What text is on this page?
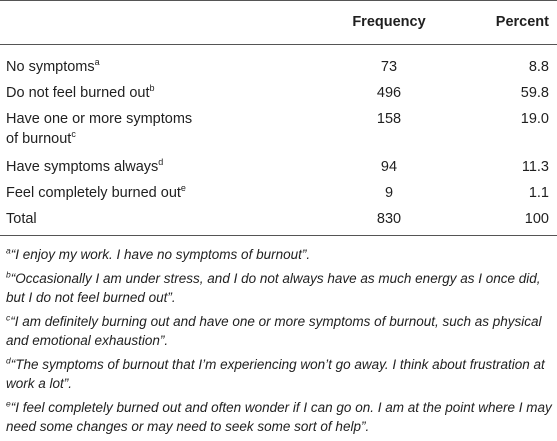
	Frequency	Percent
No symptoms$^a$	73	8.8
Do not feel burned out$^b$	496	59.8
Have one or more symptoms
of burnout$^c$	158	19.0
Have symptoms always$^d$	94	11.3
Feel completely burned out$^e$	9	1.1
Total	830	100

$^a$“I enjoy my work. I have no symptoms of burnout”.

$^b$“Occasionally I am under stress, and I do not always have as much energy as I once did, but I do not feel burned out”.

$^c$“I am definitely burning out and have one or more symptoms of burnout, such as physical and emotional exhaustion”.

$^d$“The symptoms of burnout that I’m experiencing won’t go away. I think about frustration at work a lot”.

$^e$“I feel completely burned out and often wonder if I can go on. I am at the point where I may need some changes or may need to seek some sort of help”.
